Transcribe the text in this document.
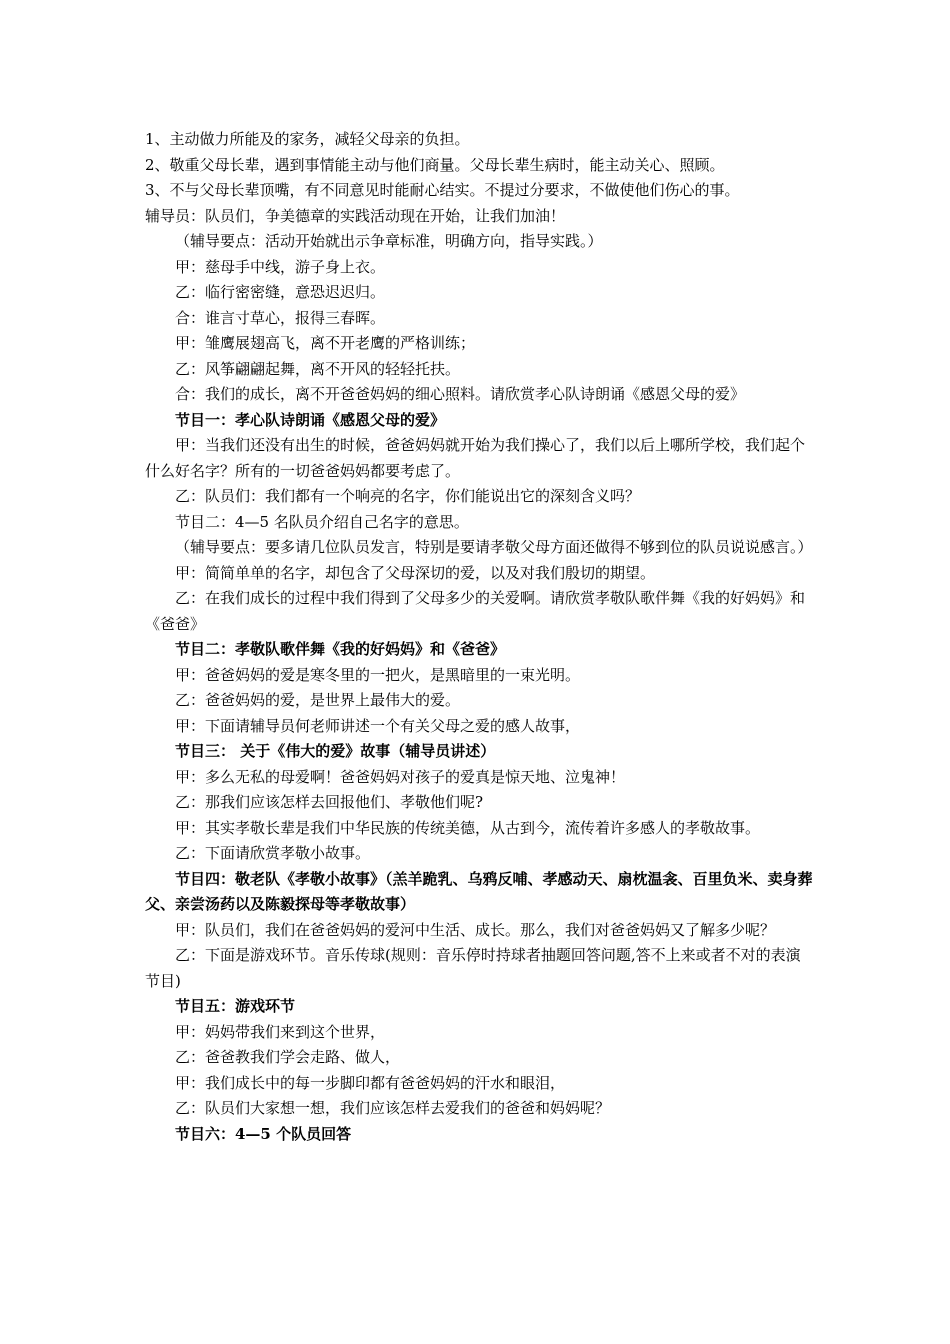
1、主动做力所能及的家务，减轻父母亲的负担。
2、敬重父母长辈，遇到事情能主动与他们商量。父母长辈生病时，能主动关心、照顾。
3、不与父母长辈顶嘴，有不同意见时能耐心结实。不提过分要求，不做使他们伤心的事。
辅导员：队员们，争美德章的实践活动现在开始，让我们加油！
（辅导要点：活动开始就出示争章标准，明确方向，指导实践。）
甲：慈母手中线，游子身上衣。
乙：临行密密缝，意恐迟迟归。
合：谁言寸草心，报得三春晖。
甲：雏鹰展翅高飞，离不开老鹰的严格训练；
乙：风筝翩翩起舞，离不开风的轻轻托扶。
合：我们的成长，离不开爸爸妈妈的细心照料。请欣赏孝心队诗朗诵《感恩父母的爱》
节目一：孝心队诗朗诵《感恩父母的爱》
甲：当我们还没有出生的时候，爸爸妈妈就开始为我们操心了，我们以后上哪所学校，我们起个什么好名字？所有的一切爸爸妈妈都要考虑了。
乙：队员们：我们都有一个响亮的名字，你们能说出它的深刻含义吗？
节目二：4—5 名队员介绍自己名字的意思。
（辅导要点：要多请几位队员发言，特别是要请孝敬父母方面还做得不够到位的队员说说感言。）
甲：简简单单的名字，却包含了父母深切的爱，以及对我们殷切的期望。
乙：在我们成长的过程中我们得到了父母多少的关爱啊。请欣赏孝敬队歌伴舞《我的好妈妈》和《爸爸》
节目二：孝敬队歌伴舞《我的好妈妈》和《爸爸》
甲：爸爸妈妈的爱是寒冬里的一把火，是黑暗里的一束光明。
乙：爸爸妈妈的爱，是世界上最伟大的爱。
甲：下面请辅导员何老师讲述一个有关父母之爱的感人故事，
节目三： 关于《伟大的爱》故事（辅导员讲述）
甲：多么无私的母爱啊！爸爸妈妈对孩子的爱真是惊天地、泣鬼神！
乙：那我们应该怎样去回报他们、孝敬他们呢?
甲：其实孝敬长辈是我们中华民族的传统美德，从古到今，流传着许多感人的孝敬故事。
乙：下面请欣赏孝敬小故事。
节目四：敬老队《孝敬小故事》（羔羊跪乳、乌鸦反哺、孝感动天、扇枕温衾、百里负米、卖身葬父、亲尝汤药以及陈毅探母等孝敬故事）
甲：队员们，我们在爸爸妈妈的爱河中生活、成长。那么，我们对爸爸妈妈又了解多少呢？
乙：下面是游戏环节。音乐传球(规则：音乐停时持球者抽题回答问题,答不上来或者不对的表演节目)
节目五：游戏环节
甲：妈妈带我们来到这个世界，
乙：爸爸教我们学会走路、做人，
甲：我们成长中的每一步脚印都有爸爸妈妈的汗水和眼泪，
乙：队员们大家想一想，我们应该怎样去爱我们的爸爸和妈妈呢？
节目六：4—5 个队员回答
